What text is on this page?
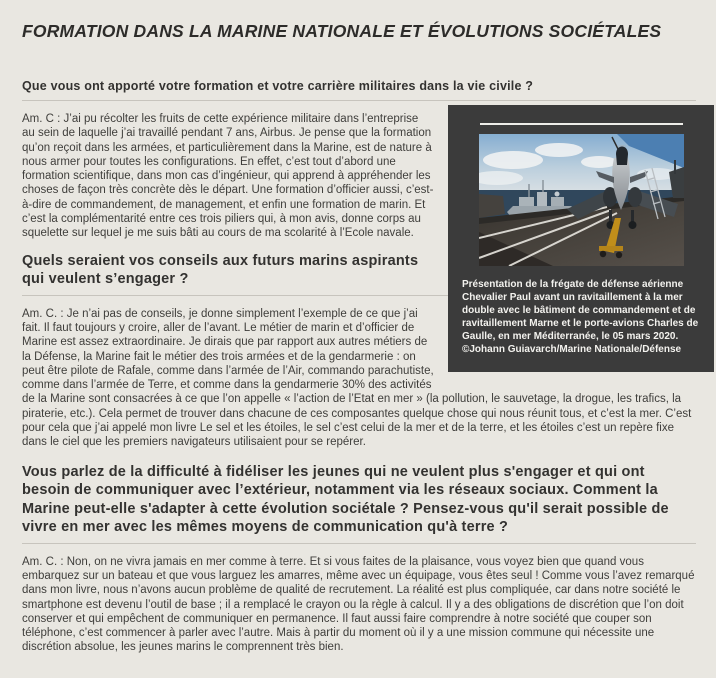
FORMATION DANS LA MARINE NATIONALE ET ÉVOLUTIONS SOCIÉTALES
Que vous ont apporté votre formation et votre carrière militaires dans la vie civile ?
Présentation de la frégate de défense aérienne Chevalier Paul avant un ravitaillement à la mer double avec le bâtiment de commandement et de ravitaillement Marne et le porte-avions Charles de Gaulle, en mer Méditerranée, le 05 mars 2020.
©Johann Guiavarch/Marine Nationale/Défense

Am. C : J’ai pu récolter les fruits de cette expérience militaire dans l’entreprise au sein de laquelle j’ai travaillé pendant 7 ans, Airbus. Je pense que la formation qu’on reçoit dans les armées, et particulièrement dans la Marine, est de nature à nous armer pour toutes les configurations. En effet, c’est tout d’abord une formation scientifique, dans mon cas d’ingénieur, qui apprend à appréhender les choses de façon très concrète dès le départ. Une formation d’officier aussi, c’est-à-dire de commandement, de management, et enfin une formation de marin. Et c’est la complémentarité entre ces trois piliers qui, à mon avis, donne corps au squelette sur lequel je me suis bâti au cours de ma scolarité à l’Ecole navale.

Quels seraient vos conseils aux futurs marins aspirants qui veulent s’engager ?

Am. C. : Je n’ai pas de conseils, je donne simplement l’exemple de ce que j’ai fait. Il faut toujours y croire, aller de l’avant. Le métier de marin et d’officier de Marine est assez extraordinaire. Je dirais que par rapport aux autres métiers de la Défense, la Marine fait le métier des trois armées et de la gendarmerie : on peut être pilote de Rafale, comme dans l’armée de l’Air, commando parachutiste, comme dans l’armée de Terre, et comme dans la gendarmerie 30% des activités de la Marine sont consacrées à ce que l’on appelle « l’action de l’Etat en mer » (la pollution, le sauvetage, la drogue, les trafics, la piraterie, etc.). Cela permet de trouver dans chacune de ces composantes quelque chose qui nous réunit tous, et c’est la mer. C’est pour cela que j’ai appelé mon livre Le sel et les étoiles, le sel c’est celui de la mer et de la terre, et les étoiles c’est un repère fixe dans le ciel que les premiers navigateurs utilisaient pour se repérer.

Vous parlez de la difficulté à fidéliser les jeunes qui ne veulent plus s'engager et qui ont besoin de communiquer avec l’extérieur, notamment via les réseaux sociaux. Comment la Marine peut-elle s'adapter à cette évolution sociétale ? Pensez-vous qu'il serait possible de vivre en mer avec les mêmes moyens de communication qu'à terre ?

Am. C. : Non, on ne vivra jamais en mer comme à terre. Et si vous faites de la plaisance, vous voyez bien que quand vous embarquez sur un bateau et que vous larguez les amarres, même avec un équipage, vous êtes seul ! Comme vous l’avez remarqué dans mon livre, nous n’avons aucun problème de qualité de recrutement. La réalité est plus compliquée, car dans notre société le smartphone est devenu l’outil de base ; il a remplacé le crayon ou la règle à calcul. Il y a des obligations de discrétion que l’on doit conserver et qui empêchent de communiquer en permanence. Il faut aussi faire comprendre à notre société que couper son téléphone, c’est commencer à parler avec l’autre. Mais à partir du moment où il y a une mission commune qui nécessite une discrétion absolue, les jeunes marins le comprennent très bien.
